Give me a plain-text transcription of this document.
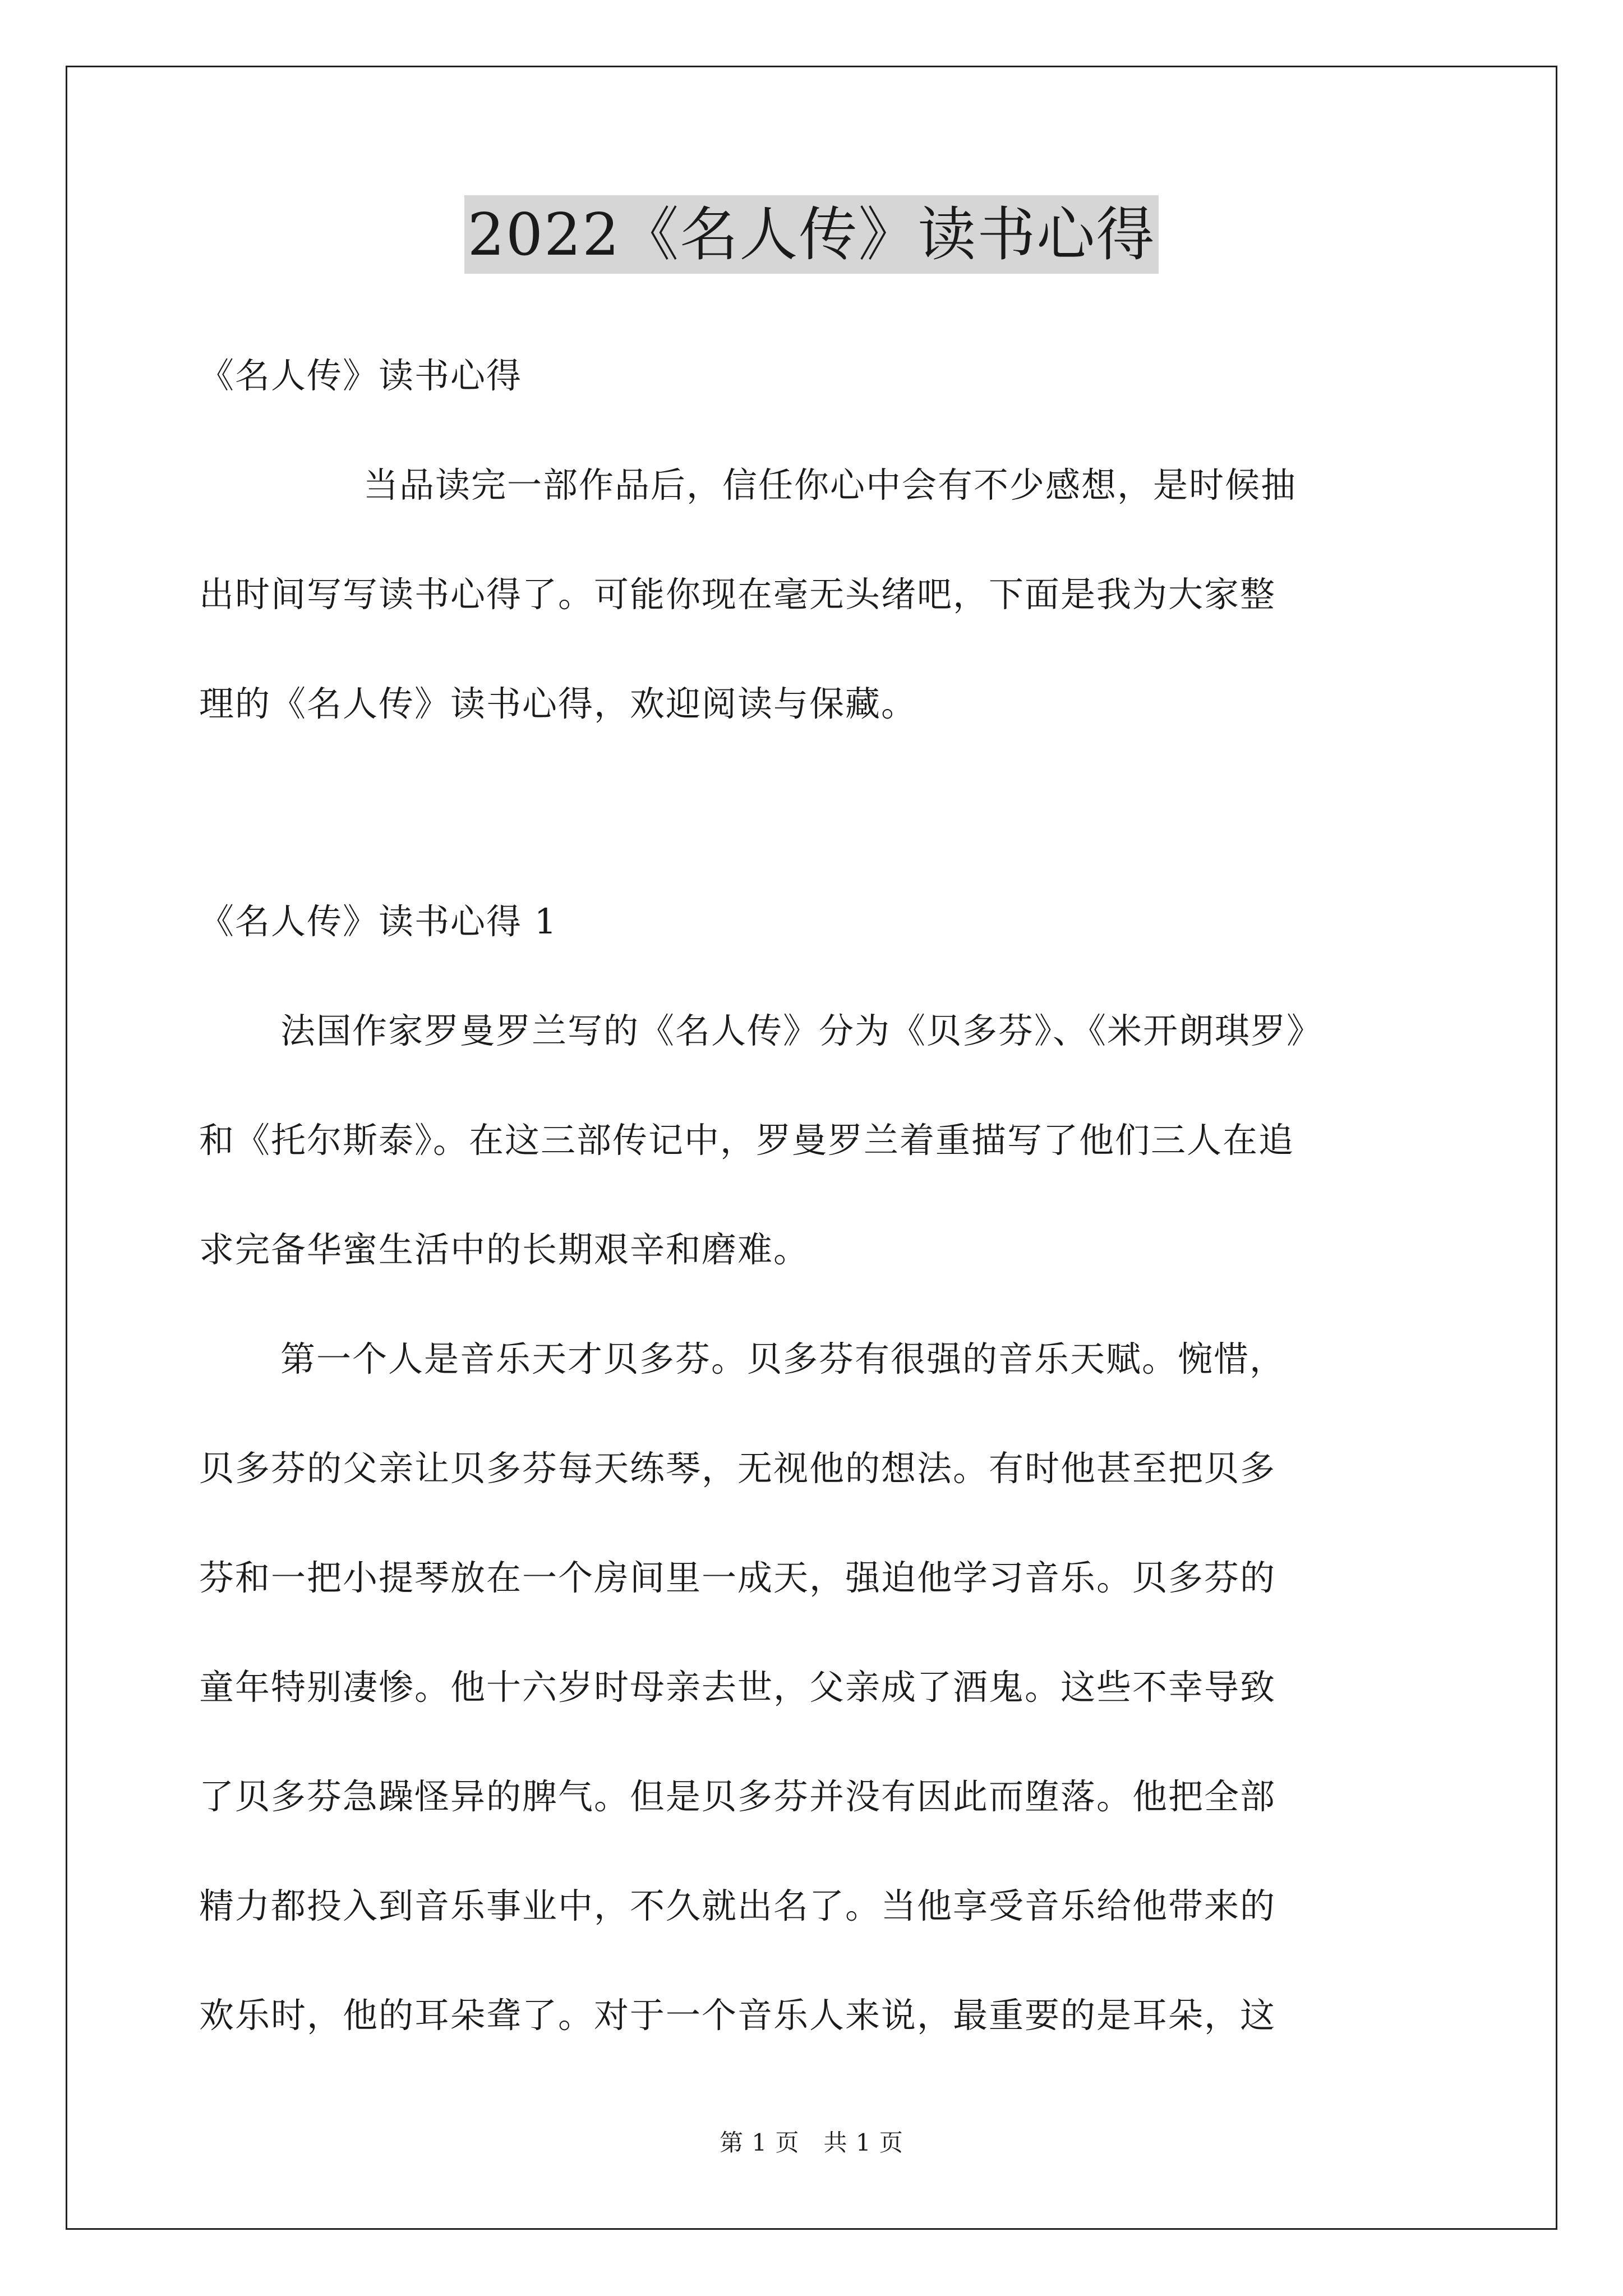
2022《名人传》读书心得
《名人传》读书心得
当品读完一部作品后，信任你心中会有不少感想，是时候抽
出时间写写读书心得了。可能你现在毫无头绪吧，下面是我为大家整
理的《名人传》读书心得，欢迎阅读与保藏。
《名人传》读书心得 1
法国作家罗曼罗兰写的《名人传》分为《贝多芬》、《米开朗琪罗》
和《托尔斯泰》。在这三部传记中，罗曼罗兰着重描写了他们三人在追
求完备华蜜生活中的长期艰辛和磨难。
第一个人是音乐天才贝多芬。贝多芬有很强的音乐天赋。惋惜，
贝多芬的父亲让贝多芬每天练琴，无视他的想法。有时他甚至把贝多
芬和一把小提琴放在一个房间里一成天，强迫他学习音乐。贝多芬的
童年特别凄惨。他十六岁时母亲去世，父亲成了酒鬼。这些不幸导致
了贝多芬急躁怪异的脾气。但是贝多芬并没有因此而堕落。他把全部
精力都投入到音乐事业中，不久就出名了。当他享受音乐给他带来的
欢乐时，他的耳朵聋了。对于一个音乐人来说，最重要的是耳朵，这
第 1 页　共 1 页
